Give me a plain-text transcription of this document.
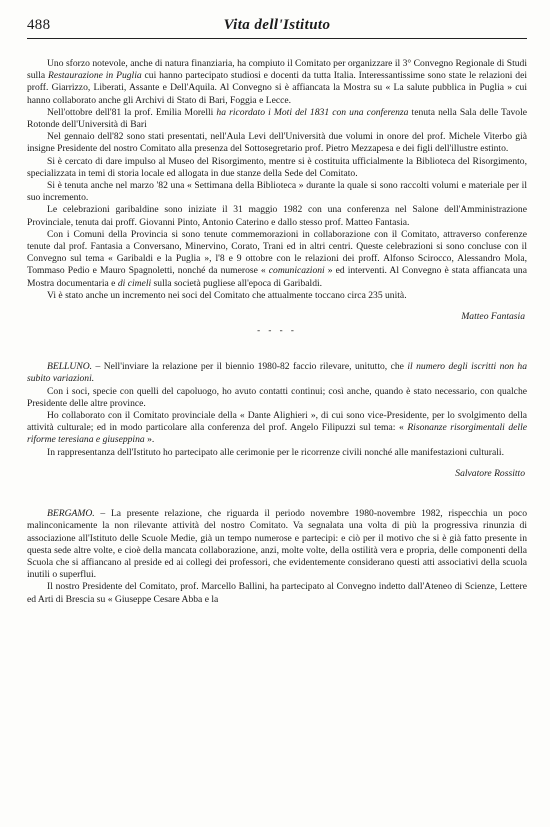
488	Vita dell'Istituto

Uno sforzo notevole, anche di natura finanziaria, ha compiuto il Comitato per organizzare il 3° Convegno Regionale di Studi sulla Restaurazione in Puglia cui hanno partecipato studiosi e docenti da tutta Italia. Interessantissime sono state le relazioni dei proff. Giarrizzo, Liberati, Assante e Dell'Aquila. Al Convegno si è affiancata la Mostra su « La salute pubblica in Puglia » cui hanno collaborato anche gli Archivi di Stato di Bari, Foggia e Lecce.

Nell'ottobre dell'81 la prof. Emilia Morelli ha ricordato i Moti del 1831 con una conferenza tenuta nella Sala delle Tavole Rotonde dell'Università di Bari

Nel gennaio dell'82 sono stati presentati, nell'Aula Levi dell'Università due volumi in onore del prof. Michele Viterbo già insigne Presidente del nostro Comitato alla presenza del Sottosegretario prof. Pietro Mezzapesa e dei figli dell'illustre estinto.

Si è cercato di dare impulso al Museo del Risorgimento, mentre si è costituita ufficialmente la Biblioteca del Risorgimento, specializzata in temi di storia locale ed allogata in due stanze della Sede del Comitato.

Si è tenuta anche nel marzo '82 una « Settimana della Biblioteca » durante la quale si sono raccolti volumi e materiale per il suo incremento.

Le celebrazioni garibaldine sono iniziate il 31 maggio 1982 con una conferenza nel Salone dell'Amministrazione Provinciale, tenuta dai proff. Giovanni Pinto, Antonio Caterino e dallo stesso prof. Matteo Fantasia.

Con i Comuni della Provincia si sono tenute commemorazioni in collaborazione con il Comitato, attraverso conferenze tenute dal prof. Fantasia a Conversano, Minervino, Corato, Trani ed in altri centri. Queste celebrazioni si sono concluse con il Convegno sul tema « Garibaldi e la Puglia », l'8 e 9 ottobre con le relazioni dei proff. Alfonso Scirocco, Alessandro Mola, Tommaso Pedio e Mauro Spagnoletti, nonché da numerose « comunicazioni » ed interventi. Al Convegno è stata affiancata una Mostra documentaria e di cimeli sulla società pugliese all'epoca di Garibaldi.

Vi è stato anche un incremento nei soci del Comitato che attualmente toccano circa 235 unità.

Matteo Fantasia
- - - -

BELLUNO. – Nell'inviare la relazione per il biennio 1980-82 faccio rilevare, unitutto, che il numero degli iscritti non ha subito variazioni.

Con i soci, specie con quelli del capoluogo, ho avuto contatti continui; così anche, quando è stato necessario, con qualche Presidente delle altre province.

Ho collaborato con il Comitato provinciale della « Dante Alighieri », di cui sono vice-Presidente, per lo svolgimento della attività culturale; ed in modo particolare alla conferenza del prof. Angelo Filipuzzi sul tema: « Risonanze risorgimentali delle riforme teresiana e giuseppina ».

In rappresentanza dell'Istituto ho partecipato alle cerimonie per le ricorrenze civili nonché alle manifestazioni culturali.

Salvatore Rossitto

BERGAMO. – La presente relazione, che riguarda il periodo novembre 1980-novembre 1982, rispecchia un poco malinconicamente la non rilevante attività del nostro Comitato. Va segnalata una volta di più la progressiva rinunzia di associazione all'Istituto delle Scuole Medie, già un tempo numerose e partecipi: e ciò per il motivo che si è già fatto presente in questa sede altre volte, e cioè della mancata collaborazione, anzi, molte volte, della ostilità vera e propria, delle componenti della Scuola che si affiancano al preside ed ai collegi dei professori, che evidentemente considerano questi atti associativi della scuola inutili o superflui.

Il nostro Presidente del Comitato, prof. Marcello Ballini, ha partecipato al Convegno indetto dall'Ateneo di Scienze, Lettere ed Arti di Brescia su « Giuseppe Cesare Abba e la
